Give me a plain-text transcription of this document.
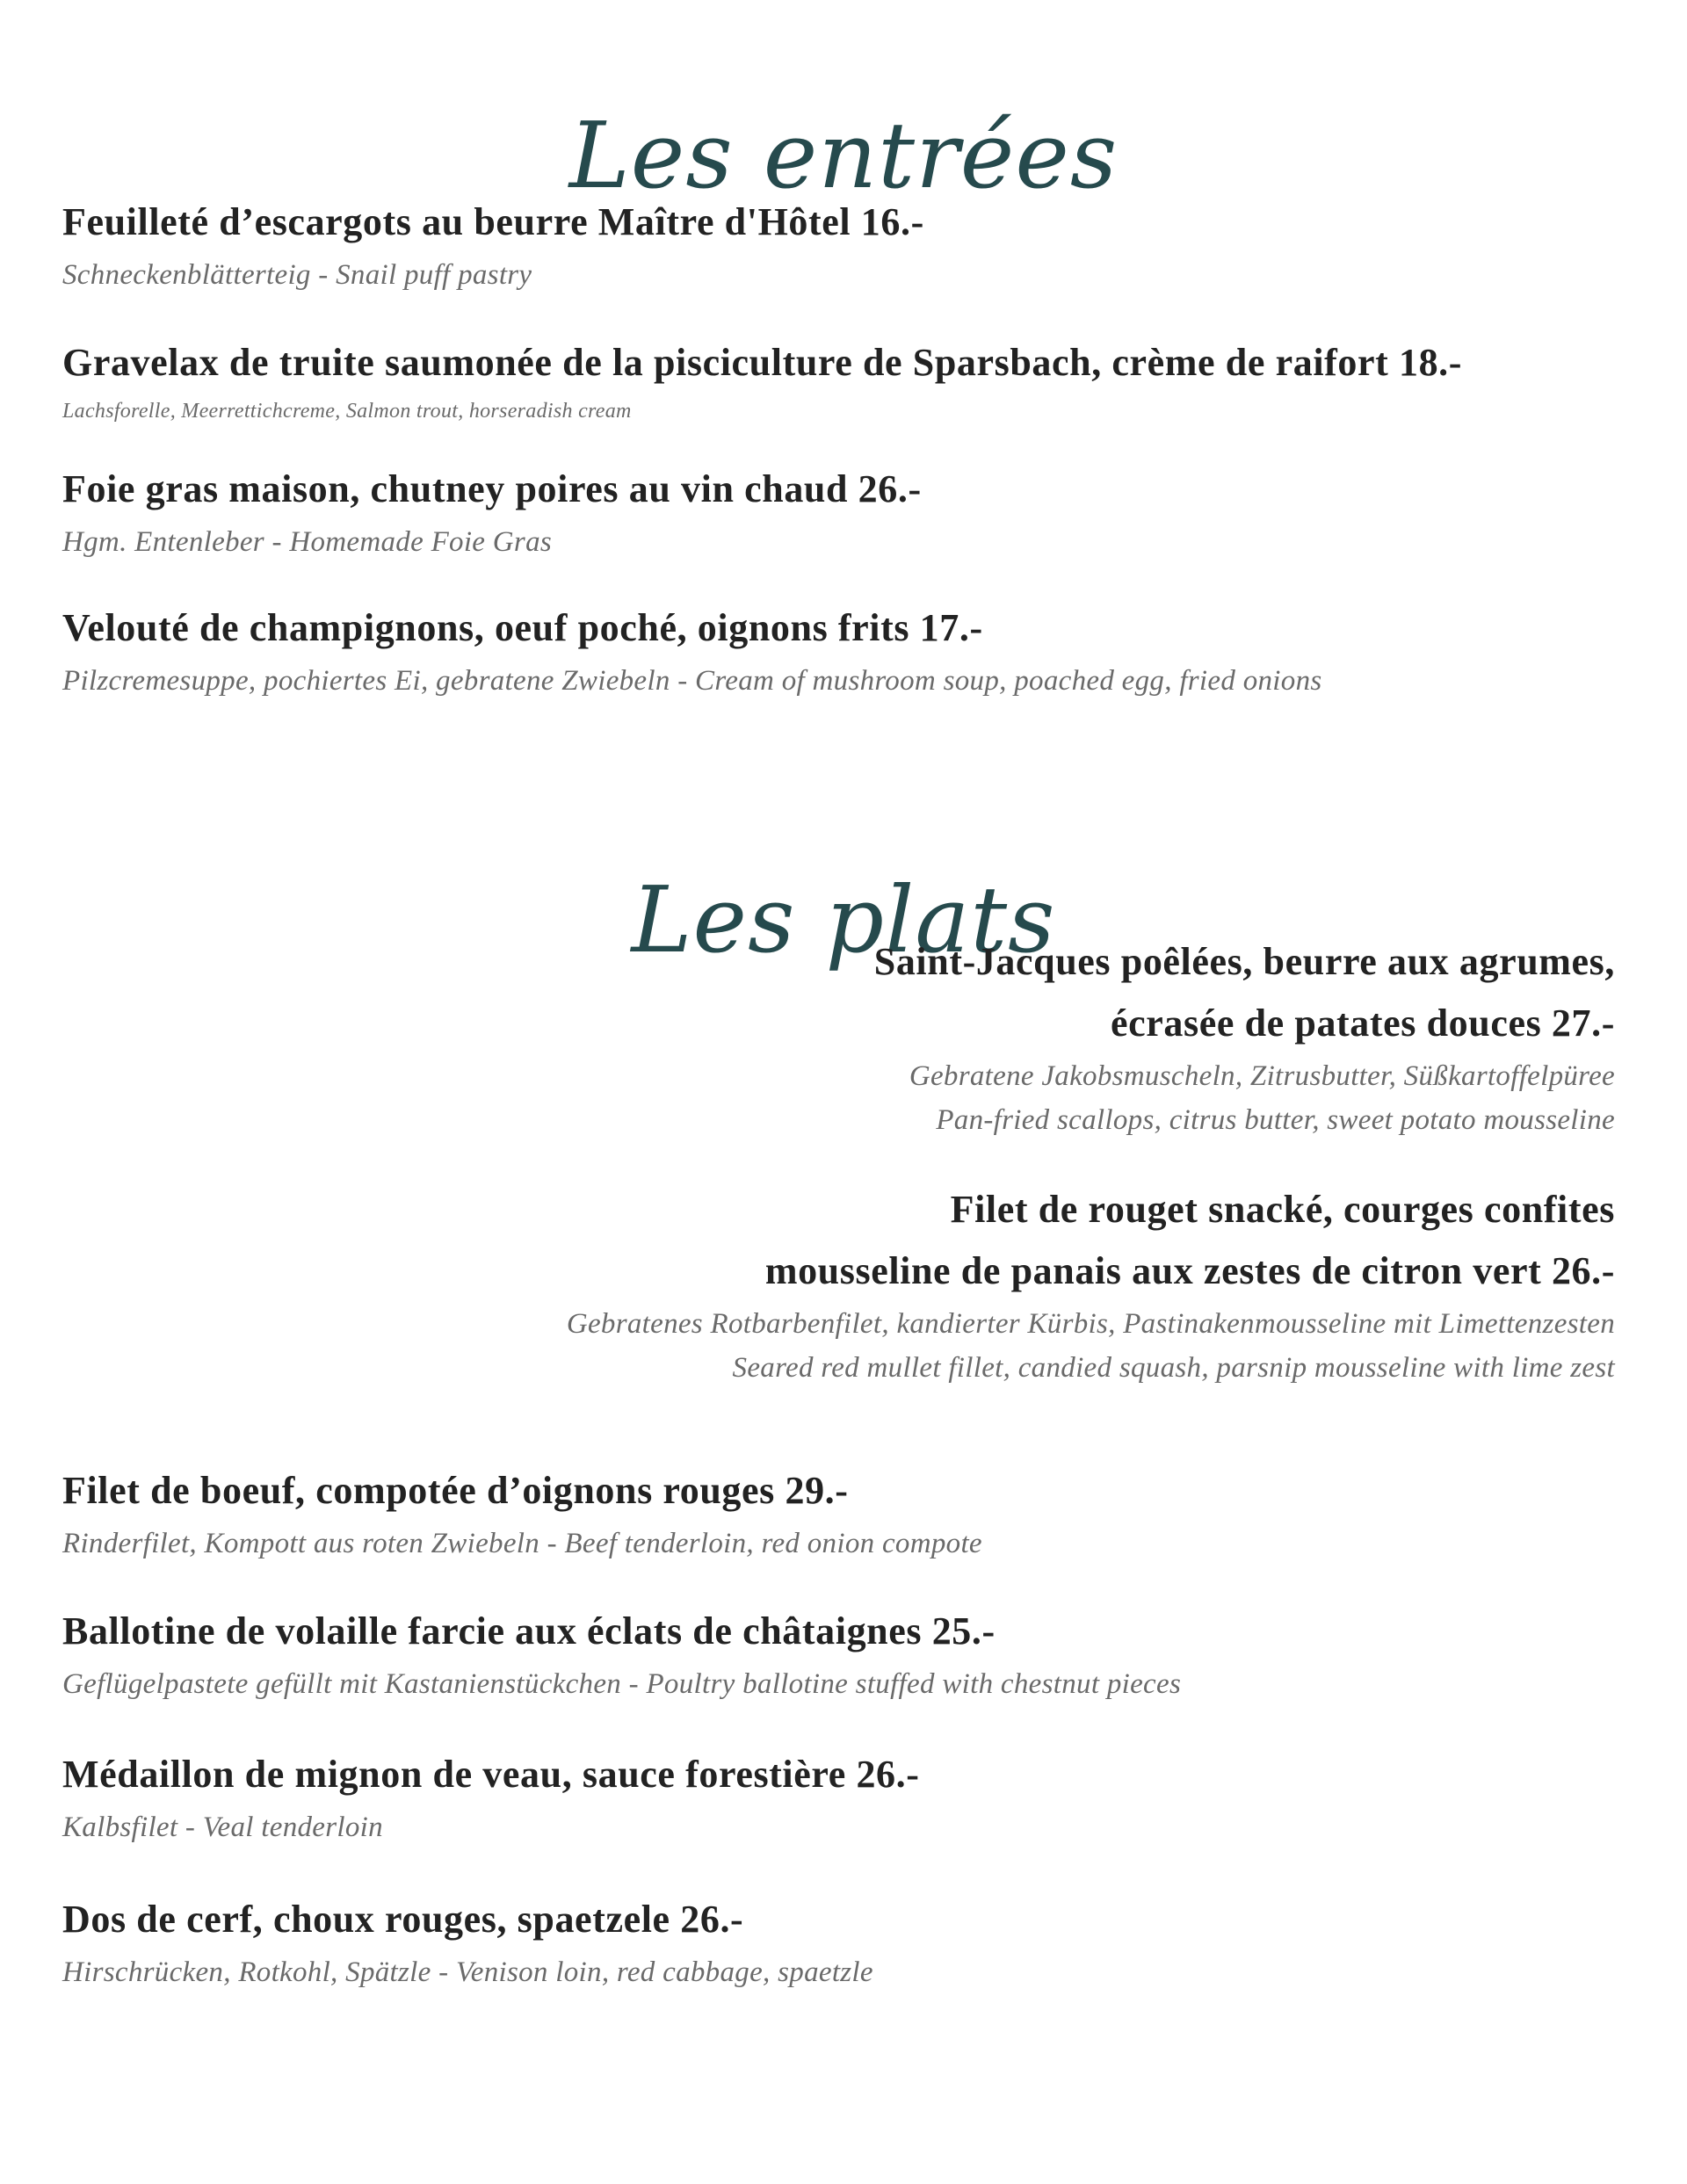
Les entrées
Feuilleté d’escargots au beurre Maître d'Hôtel 16.-
Schneckenblätterteig - Snail puff pastry
Gravelax de truite saumonée de la pisciculture de Sparsbach, crème de raifort 18.-
Lachsforelle, Meerrettichcreme, Salmon trout, horseradish cream
Foie gras maison, chutney poires au vin chaud 26.-
Hgm. Entenleber - Homemade Foie Gras
Velouté de champignons, oeuf poché, oignons frits 17.-
Pilzcremesuppe, pochiertes Ei, gebratene Zwiebeln - Cream of mushroom soup, poached egg, fried onions
Les plats
Saint-Jacques poêlées, beurre aux agrumes,
écrasée de patates douces 27.-
Gebratene Jakobsmuscheln, Zitrusbutter, Süßkartoffelpüree
Pan-fried scallops, citrus butter, sweet potato mousseline
Filet de rouget snacké, courges confites
mousseline de panais aux zestes de citron vert 26.-
Gebratenes Rotbarbenfilet, kandierter Kürbis, Pastinakenmousseline mit Limettenzesten
Seared red mullet fillet, candied squash, parsnip mousseline with lime zest
Filet de boeuf, compotée d’oignons rouges 29.-
Rinderfilet, Kompott aus roten Zwiebeln - Beef tenderloin, red onion compote
Ballotine de volaille farcie aux éclats de châtaignes 25.-
Geflügelpastete gefüllt mit Kastanienstückchen - Poultry ballotine stuffed with chestnut pieces
Médaillon de mignon de veau, sauce forestière 26.-
Kalbsfilet - Veal tenderloin
Dos de cerf, choux rouges, spaetzele 26.-
Hirschrücken, Rotkohl, Spätzle - Venison loin, red cabbage, spaetzle
